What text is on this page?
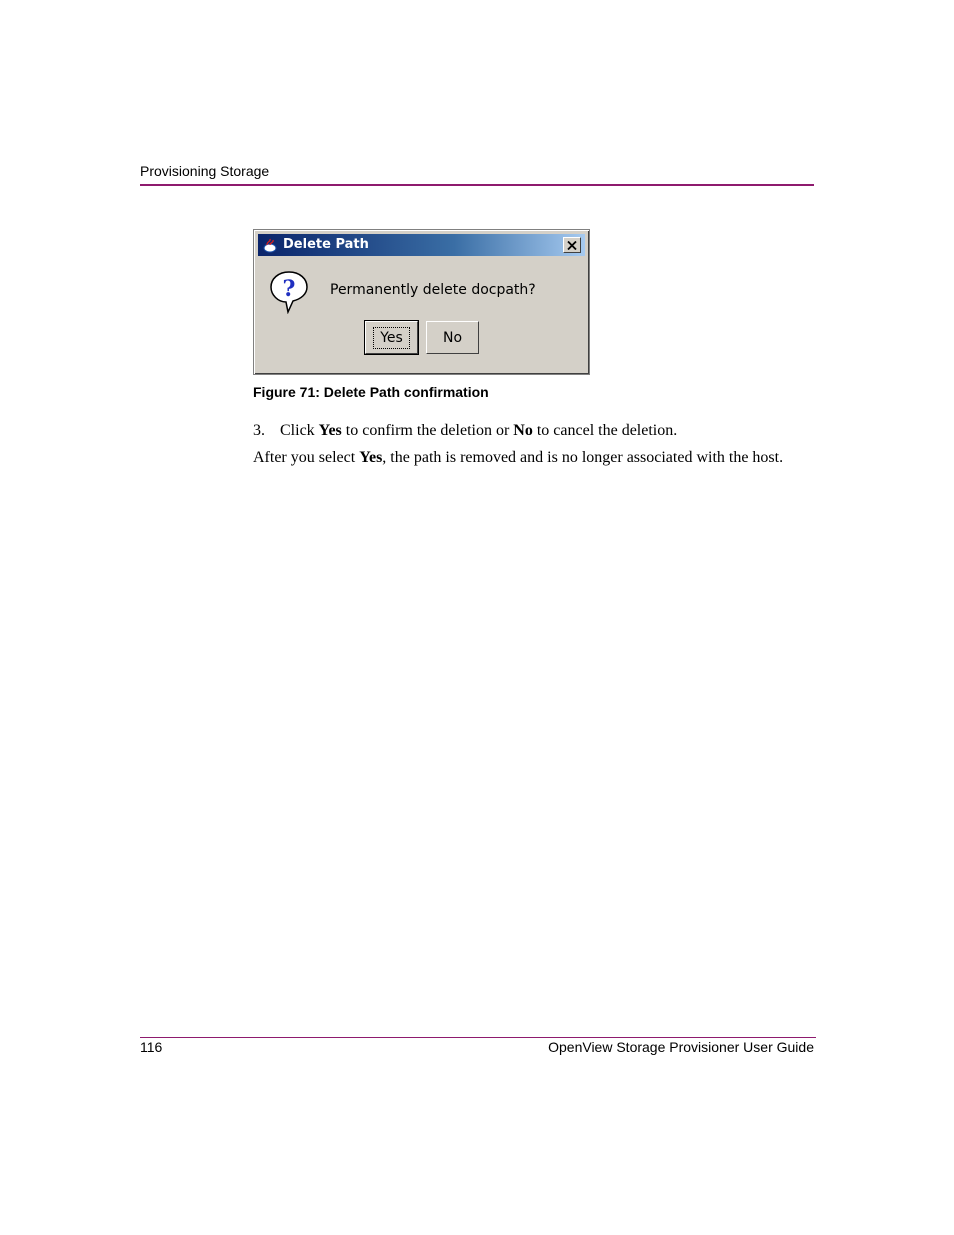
Provisioning Storage
Delete Path
? Permanently delete docpath?
Yes	No
Figure 71: Delete Path confirmation
3. Click Yes to confirm the deletion or No to cancel the deletion.
After you select Yes, the path is removed and is no longer associated with the host.
116	OpenView Storage Provisioner User Guide
